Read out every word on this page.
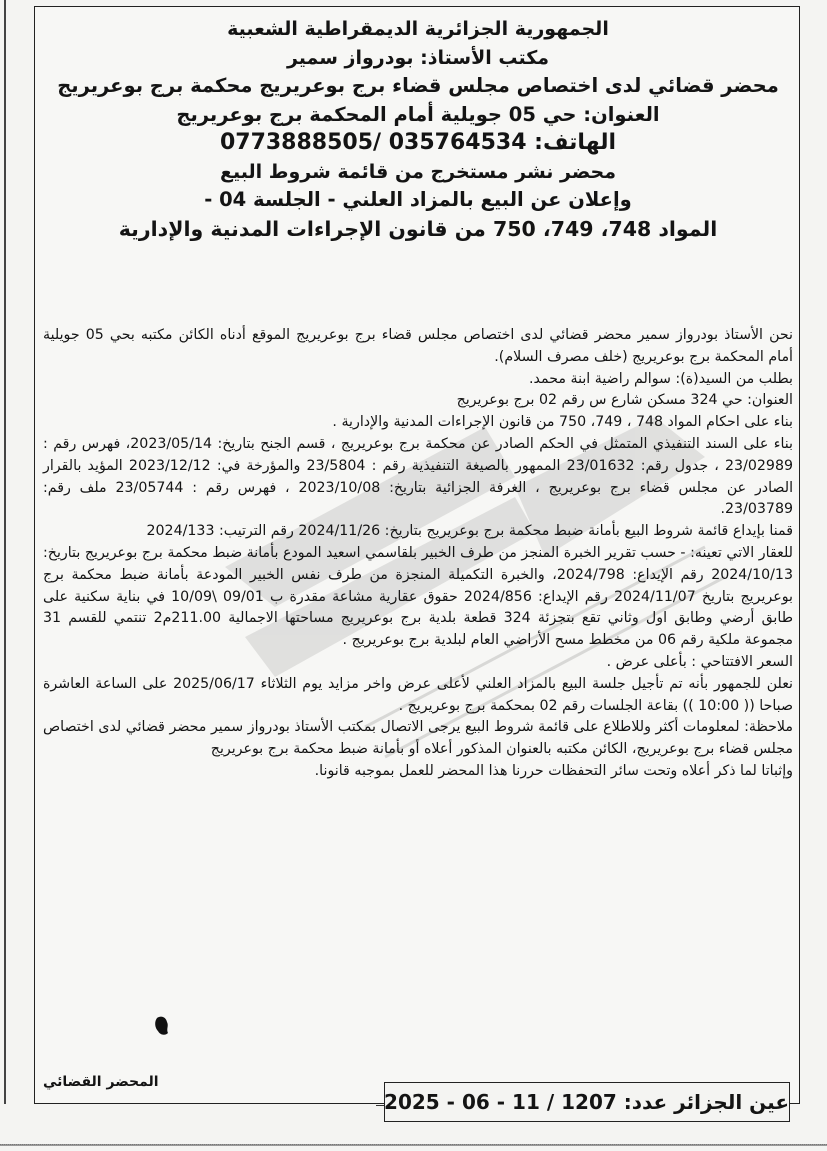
الجمهورية الجزائرية الديمقراطية الشعبية
مكتب الأستاذ: بودرواز سمير
محضر قضائي لدى اختصاص مجلس قضاء برج بوعريريج محكمة برج بوعريريج
العنوان: حي 05 جويلية أمام المحكمة برج بوعريريج
الهاتف: 035764534 /0773888505
محضر نشر مستخرج من قائمة شروط البيع
وإعلان عن البيع بالمزاد العلني - الجلسة 04 -
المواد 748، 749، 750 من قانون الإجراءات المدنية والإدارية

نحن الأستاذ بودرواز سمير محضر قضائي لدى اختصاص مجلس قضاء برج بوعريريج الموقع أدناه الكائن مكتبه بحي 05 جويلية أمام المحكمة برج بوعريريج (خلف مصرف السلام).

بطلب من السيد(ة): سوالم راضية ابنة محمد.

العنوان: حي 324 مسكن شارع س رقم 02 برج بوعريريج

بناء على احكام المواد 748 ، 749، 750 من قانون الإجراءات المدنية والإدارية .

بناء على السند التنفيذي المتمثل في الحكم الصادر عن محكمة برج بوعريريج ، قسم الجنح بتاريخ: 2023/05/14، فهرس رقم : 23/02989 ، جدول رقم: 23/01632 الممهور بالصيغة التنفيذية رقم : 23/5804 والمؤرخة في: 2023/12/12 المؤيد بالقرار الصادر عن مجلس قضاء برج بوعريريج ، الغرفة الجزائية بتاريخ: 2023/10/08 ، فهرس رقم : 23/05744 ملف رقم: 23/03789.

قمنا بإيداع قائمة شروط البيع بأمانة ضبط محكمة برج بوعريريج بتاريخ: 2024/11/26 رقم الترتيب: 2024/133

للعقار الاتي تعينه: - حسب تقرير الخبرة المنجز من طرف الخبير بلقاسمي اسعيد المودع بأمانة ضبط محكمة برج بوعريريج بتاريخ: 2024/10/13 رقم الإيداع: 2024/798، والخبرة التكميلة المنجزة من طرف نفس الخبير المودعة بأمانة ضبط محكمة برج بوعريريج بتاريخ 2024/11/07 رقم الإيداع: 2024/856 حقوق عقارية مشاعة مقدرة ب 09/01 \10/09 في بناية سكنية على طابق أرضي وطابق اول وثاني تقع بتجزئة 324 قطعة بلدية برج بوعريريج مساحتها الاجمالية 211.00م2 تنتمي للقسم 31 مجموعة ملكية رقم 06 من مخطط مسح الأراضي العام لبلدية برج بوعريريج .

السعر الافتتاحي : بأعلى عرض .

نعلن للجمهور بأنه تم تأجيل جلسة البيع بالمزاد العلني لأعلى عرض واخر مزايد يوم الثلاثاء 2025/06/17 على الساعة العاشرة صباحا (( 10:00 )) بقاعة الجلسات رقم 02 بمحكمة برج بوعريريج .

ملاحظة: لمعلومات أكثر وللاطلاع على قائمة شروط البيع يرجى الاتصال بمكتب الأستاذ بودرواز سمير محضر قضائي لدى اختصاص مجلس قضاء برج بوعريريج، الكائن مكتبه بالعنوان المذكور أعلاه أو بأمانة ضبط محكمة برج بوعريريج

وإثباتا لما ذكر أعلاه وتحت سائر التحفظات حررنا هذا المحضر للعمل بموجبه قانونا.

المحضر القضائي
عين الجزائر عدد: 1207 / 11 - 06 - 2025
